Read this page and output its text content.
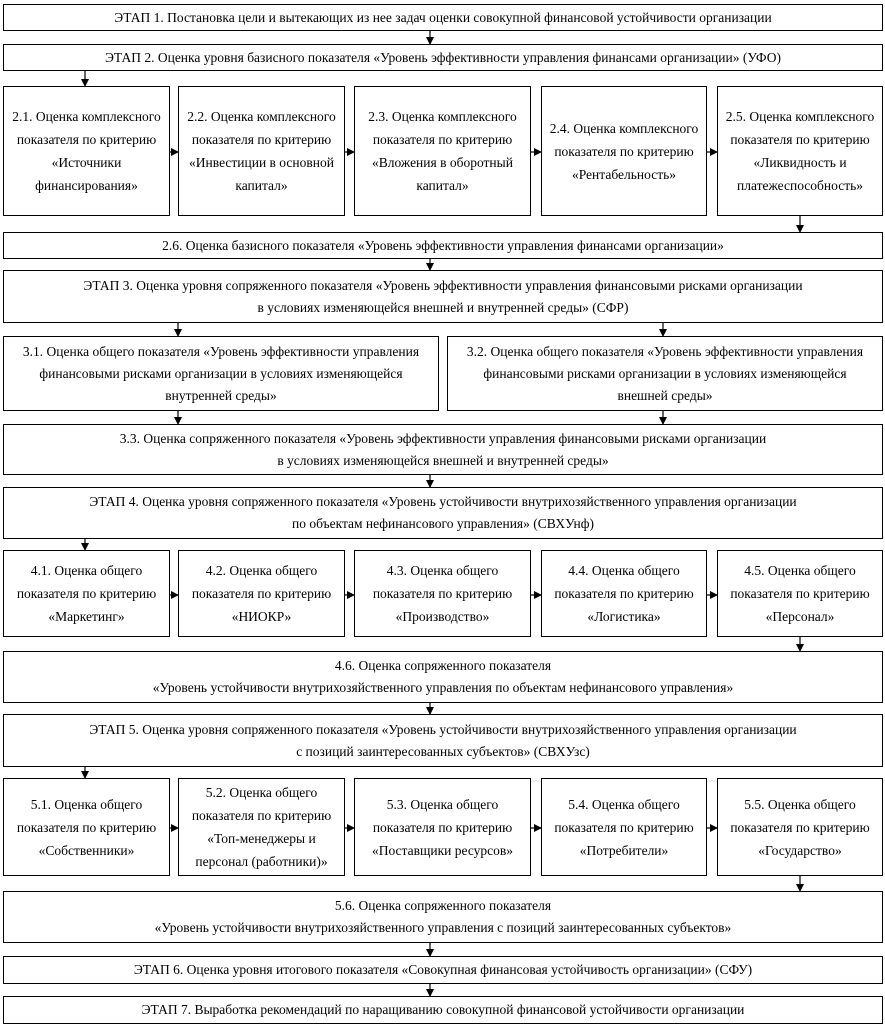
ЭТАП 1. Постановка цели и вытекающих из нее задач оценки совокупной финансовой устойчивости организации
ЭТАП 2. Оценка уровня базисного показателя «Уровень эффективности управления финансами организации» (УФО)
2.1. Оценка комплексного показателя по критерию «Источники финансирования»
2.2. Оценка комплексного показателя по критерию «Инвестиции в основной капитал»
2.3. Оценка комплексного показателя по критерию «Вложения в оборотный капитал»
2.4. Оценка комплексного показателя по критерию «Рентабельность»
2.5. Оценка комплексного показателя по критерию «Ликвидность и платежеспособность»
2.6. Оценка базисного показателя «Уровень эффективности управления финансами организации»
ЭТАП 3. Оценка уровня сопряженного показателя «Уровень эффективности управления финансовыми рисками организации
в условиях изменяющейся внешней и внутренней среды» (СФР)
3.1. Оценка общего показателя «Уровень эффективности управления финансовыми рисками организации в условиях изменяющейся внутренней среды»
3.2. Оценка общего показателя «Уровень эффективности управления финансовыми рисками организации в условиях изменяющейся внешней среды»
3.3. Оценка сопряженного показателя «Уровень эффективности управления финансовыми рисками организации
в условиях изменяющейся внешней и внутренней среды»
ЭТАП 4. Оценка уровня сопряженного показателя «Уровень устойчивости внутрихозяйственного управления организации
по объектам нефинансового управления» (СВХУнф)
4.1. Оценка общего показателя по критерию «Маркетинг»
4.2. Оценка общего показателя по критерию «НИОКР»
4.3. Оценка общего показателя по критерию «Производство»
4.4. Оценка общего показателя по критерию «Логистика»
4.5. Оценка общего показателя по критерию «Персонал»
4.6. Оценка сопряженного показателя
«Уровень устойчивости внутрихозяйственного управления по объектам нефинансового управления»
ЭТАП 5. Оценка уровня сопряженного показателя «Уровень устойчивости внутрихозяйственного управления организации
с позиций заинтересованных субъектов» (СВХУзс)
5.1. Оценка общего показателя по критерию «Собственники»
5.2. Оценка общего показателя по критерию «Топ-менеджеры и персонал (работники)»
5.3. Оценка общего показателя по критерию «Поставщики ресурсов»
5.4. Оценка общего показателя по критерию «Потребители»
5.5. Оценка общего показателя по критерию «Государство»
5.6. Оценка сопряженного показателя
«Уровень устойчивости внутрихозяйственного управления с позиций заинтересованных субъектов»
ЭТАП 6. Оценка уровня итогового показателя «Совокупная финансовая устойчивость организации» (СФУ)
ЭТАП 7. Выработка рекомендаций по наращиванию совокупной финансовой устойчивости организации
